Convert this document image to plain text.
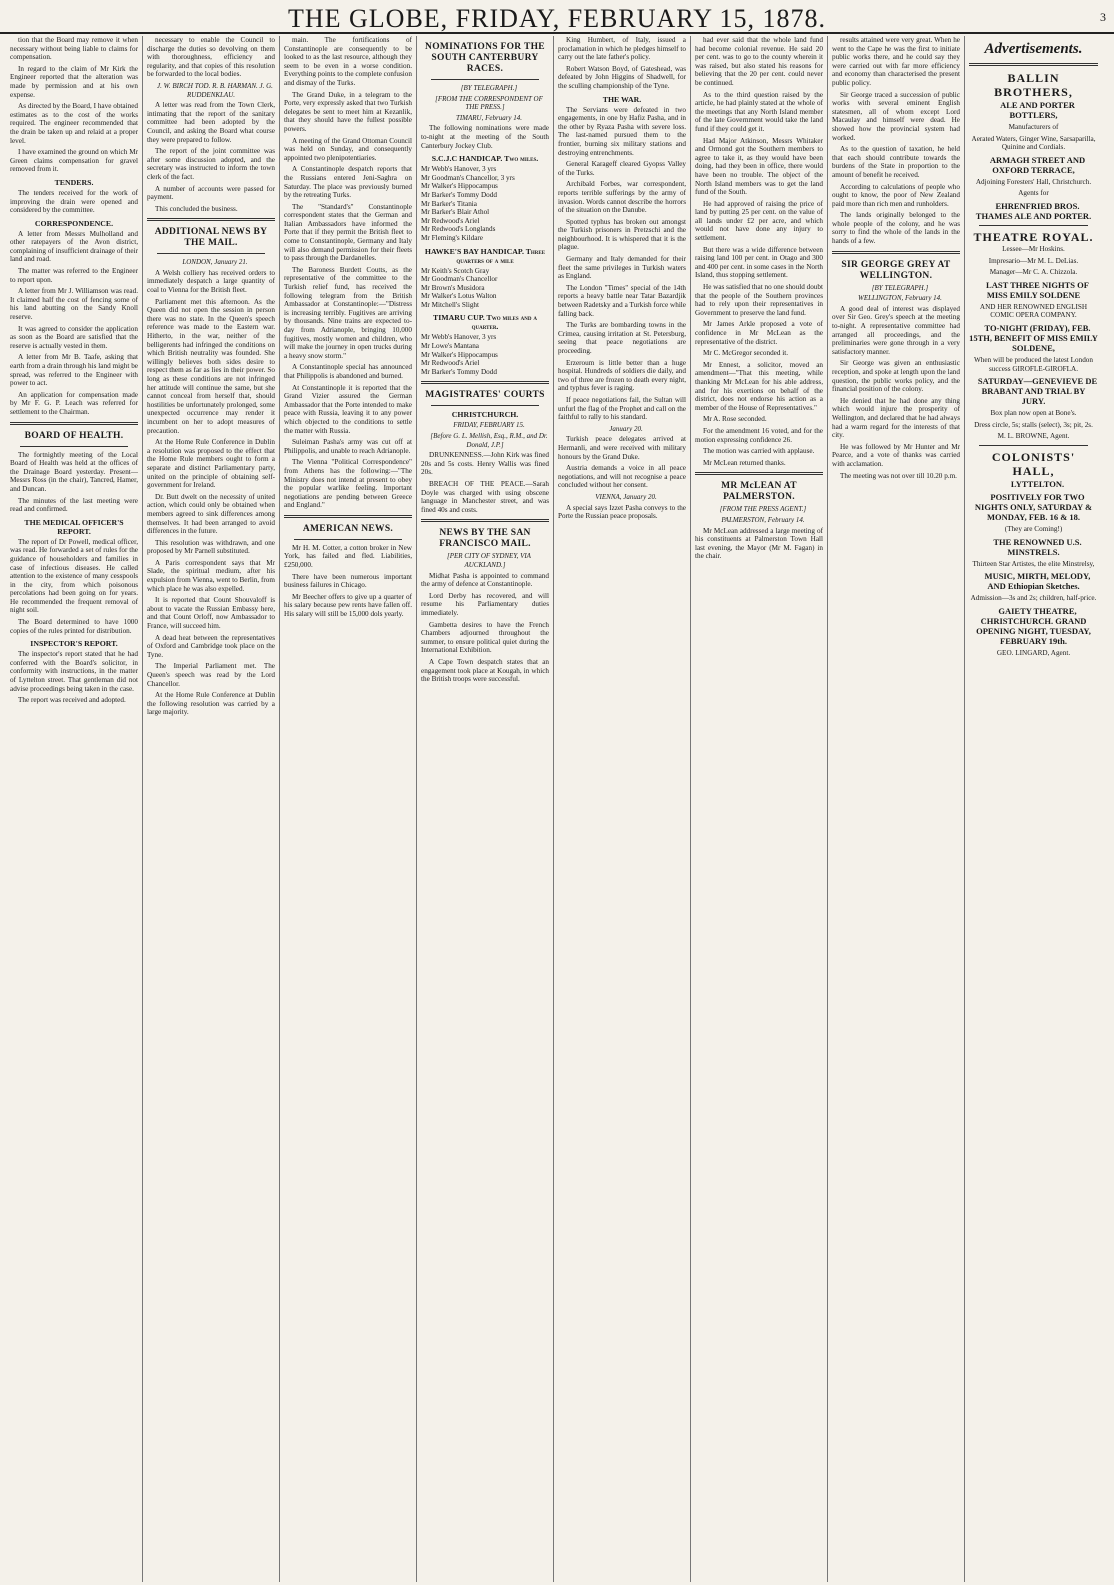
THE GLOBE, FRIDAY, FEBRUARY 15, 1878.	3

tion that the Board may remove it when necessary without being liable to claims for compensation.

In regard to the claim of Mr Kirk the Engineer reported that the alteration was made by permission and at his own expense.

As directed by the Board, I have obtained estimates as to the cost of the works required. The engineer recommended that the drain be taken up and relaid at a proper level.

I have examined the ground on which Mr Green claims compensation for gravel removed from it.

TENDERS.

The tenders received for the work of improving the drain were opened and considered by the committee.

CORRESPONDENCE.

A letter from Messrs Mulholland and other ratepayers of the Avon district, complaining of insufficient drainage of their land and road.

The matter was referred to the Engineer to report upon.

A letter from Mr J. Williamson was read. It claimed half the cost of fencing some of his land abutting on the Sandy Knoll reserve.

It was agreed to consider the application as soon as the Board are satisfied that the reserve is actually vested in them.

A letter from Mr B. Taafe, asking that earth from a drain through his land might be spread, was referred to the Engineer with power to act.

An application for compensation made by Mr F. G. P. Leach was referred for settlement to the Chairman.

BOARD OF HEALTH.

The fortnightly meeting of the Local Board of Health was held at the offices of the Drainage Board yesterday. Present—Messrs Ross (in the chair), Tancred, Hamer, and Duncan.

The minutes of the last meeting were read and confirmed.

THE MEDICAL OFFICER'S REPORT.

The report of Dr Powell, medical officer, was read. He forwarded a set of rules for the guidance of householders and families in case of infectious diseases. He called attention to the existence of many cesspools in the city, from which poisonous percolations had been going on for years. He recommended the frequent removal of night soil.

The Board determined to have 1000 copies of the rules printed for distribution.

INSPECTOR'S REPORT.

The inspector's report stated that he had conferred with the Board's solicitor, in conformity with instructions, in the matter of Lyttelton street. That gentleman did not advise proceedings being taken in the case.

The report was received and adopted.

necessary to enable the Council to discharge the duties so devolving on them with thoroughness, efficiency and regularity, and that copies of this resolution be forwarded to the local bodies.

J. W. BIRCH TOD. R. B. HARMAN. J. G. RUDDENKLAU.

A letter was read from the Town Clerk, intimating that the report of the sanitary committee had been adopted by the Council, and asking the Board what course they were prepared to follow.

The report of the joint committee was after some discussion adopted, and the secretary was instructed to inform the town clerk of the fact.

A number of accounts were passed for payment.

This concluded the business.

ADDITIONAL NEWS BY THE MAIL.

LONDON, January 21.

A Welsh colliery has received orders to immediately despatch a large quantity of coal to Vienna for the British fleet.

Parliament met this afternoon. As the Queen did not open the session in person there was no state. In the Queen's speech reference was made to the Eastern war. Hitherto, in the war, neither of the belligerents had infringed the conditions on which British neutrality was founded. She willingly believes both sides desire to respect them as far as lies in their power. So long as these conditions are not infringed her attitude will continue the same, but she cannot conceal from herself that, should hostilities be unfortunately prolonged, some unexpected occurrence may render it incumbent on her to adopt measures of precaution.

At the Home Rule Conference in Dublin a resolution was proposed to the effect that the Home Rule members ought to form a separate and distinct Parliamentary party, united on the principle of obtaining self-government for Ireland.

Dr. Butt dwelt on the necessity of united action, which could only be obtained when members agreed to sink differences among themselves. It had been arranged to avoid differences in the future.

This resolution was withdrawn, and one proposed by Mr Parnell substituted.

A Paris correspondent says that Mr Slade, the spiritual medium, after his expulsion from Vienna, went to Berlin, from which place he was also expelled.

It is reported that Count Shouvaloff is about to vacate the Russian Embassy here, and that Count Orloff, now Ambassador to France, will succeed him.

A dead heat between the representatives of Oxford and Cambridge took place on the Tyne.

The Imperial Parliament met. The Queen's speech was read by the Lord Chancellor.

At the Home Rule Conference at Dublin the following resolution was carried by a large majority.

main. The fortifications of Constantinople are consequently to be looked to as the last resource, although they seem to be even in a worse condition. Everything points to the complete confusion and dismay of the Turks.

The Grand Duke, in a telegram to the Porte, very expressly asked that two Turkish delegates be sent to meet him at Kezanlik, that they should have the fullest possible powers.

A meeting of the Grand Ottoman Council was held on Sunday, and consequently appointed two plenipotentiaries.

A Constantinople despatch reports that the Russians entered Jeni-Saghra on Saturday. The place was previously burned by the retreating Turks.

The "Standard's" Constantinople correspondent states that the German and Italian Ambassadors have informed the Porte that if they permit the British fleet to come to Constantinople, Germany and Italy will also demand permission for their fleets to pass through the Dardanelles.

The Baroness Burdett Coutts, as the representative of the committee to the Turkish relief fund, has received the following telegram from the British Ambassador at Constantinople:—"Distress is increasing terribly. Fugitives are arriving by thousands. Nine trains are expected to-day from Adrianople, bringing 10,000 fugitives, mostly women and children, who will make the journey in open trucks during a heavy snow storm."

A Constantinople special has announced that Philippolis is abandoned and burned.

At Constantinople it is reported that the Grand Vizier assured the German Ambassador that the Porte intended to make peace with Russia, leaving it to any power which objected to the conditions to settle the matter with Russia.

Suleiman Pasha's army was cut off at Philippolis, and unable to reach Adrianople.

The Vienna "Political Correspondence" from Athens has the following:—"The Ministry does not intend at present to obey the popular warlike feeling. Important negotiations are pending between Greece and England."

AMERICAN NEWS.

Mr H. M. Cotter, a cotton broker in New York, has failed and fled. Liabilities, £250,000.

There have been numerous important business failures in Chicago.

Mr Beecher offers to give up a quarter of his salary because pew rents have fallen off. His salary will still be 15,000 dols yearly.

NOMINATIONS FOR THE SOUTH CANTERBURY RACES.

[BY TELEGRAPH.]

[FROM THE CORRESPONDENT OF THE PRESS.]

TIMARU, February 14.

The following nominations were made to-night at the meeting of the South Canterbury Jockey Club.

S.C.J.C HANDICAP. Two miles.

Mr Webb's Hanover, 3 yrs

Mr Goodman's Chancellor, 3 yrs

Mr Walker's Hippocampus

Mr Barker's Tommy Dodd

Mr Barker's Titania

Mr Barker's Blair Athol

Mr Redwood's Ariel

Mr Redwood's Longlands

Mr Fleming's Kildare

HAWKE'S BAY HANDICAP. Three quarters of a mile

Mr Keith's Scotch Gray

Mr Goodman's Chancellor

Mr Brown's Musidora

Mr Walker's Lotus Walton

Mr Mitchell's Slight

TIMARU CUP. Two miles and a quarter.

Mr Webb's Hanover, 3 yrs

Mr Lowe's Mantana

Mr Walker's Hippocampus

Mr Redwood's Ariel

Mr Barker's Tommy Dodd

MAGISTRATES' COURTS
CHRISTCHURCH.

FRIDAY, FEBRUARY 15.

[Before G. L. Mellish, Esq., R.M., and Dr. Donald, J.P.]

DRUNKENNESS.—John Kirk was fined 20s and 5s costs. Henry Wallis was fined 20s.

BREACH OF THE PEACE.—Sarah Doyle was charged with using obscene language in Manchester street, and was fined 40s and costs.

NEWS BY THE SAN FRANCISCO MAIL.

[PER CITY OF SYDNEY, VIA AUCKLAND.]

Midhat Pasha is appointed to command the army of defence at Constantinople.

Lord Derby has recovered, and will resume his Parliamentary duties immediately.

Gambetta desires to have the French Chambers adjourned throughout the summer, to ensure political quiet during the International Exhibition.

A Cape Town despatch states that an engagement took place at Kougah, in which the British troops were successful.

King Humbert, of Italy, issued a proclamation in which he pledges himself to carry out the late father's policy.

Robert Watson Boyd, of Gateshead, was defeated by John Higgins of Shadwell, for the sculling championship of the Tyne.

THE WAR.

The Servians were defeated in two engagements, in one by Hafiz Pasha, and in the other by Ryaza Pasha with severe loss. The last-named pursued them to the frontier, burning six military stations and destroying entrenchments.

General Karageff cleared Gyopss Valley of the Turks.

Archibald Forbes, war correspondent, reports terrible sufferings by the army of invasion. Words cannot describe the horrors of the situation on the Danube.

Spotted typhus has broken out amongst the Turkish prisoners in Pretzschi and the neighbourhood. It is whispered that it is the plague.

Germany and Italy demanded for their fleet the same privileges in Turkish waters as England.

The London "Times" special of the 14th reports a heavy battle near Tatar Bazardjik between Radetsky and a Turkish force while falling back.

The Turks are bombarding towns in the Crimea, causing irritation at St. Petersburg, seeing that peace negotiations are proceeding.

Erzeroum is little better than a huge hospital. Hundreds of soldiers die daily, and two of three are frozen to death every night, and typhus fever is raging.

If peace negotiations fail, the Sultan will unfurl the flag of the Prophet and call on the faithful to rally to his standard.

January 20.

Turkish peace delegates arrived at Hermanli, and were received with military honours by the Grand Duke.

Austria demands a voice in all peace negotiations, and will not recognise a peace concluded without her consent.

VIENNA, January 20.

A special says Izzet Pasha conveys to the Porte the Russian peace proposals.

had ever said that the whole land fund had become colonial revenue. He said 20 per cent. was to go to the county wherein it was raised, but also stated his reasons for believing that the 20 per cent. could never be continued.

As to the third question raised by the article, he had plainly stated at the whole of the meetings that any North Island member of the late Government would take the land fund if they could get it.

Had Major Atkinson, Messrs Whitaker and Ormond got the Southern members to agree to take it, as they would have been doing, had they been in office, there would have been no trouble. The object of the North Island members was to get the land fund of the South.

He had approved of raising the price of land by putting 25 per cent. on the value of all lands under £2 per acre, and which would not have done any injury to settlement.

But there was a wide difference between raising land 100 per cent. in Otago and 300 and 400 per cent. in some cases in the North Island, thus stopping settlement.

He was satisfied that no one should doubt that the people of the Southern provinces had to rely upon their representatives in Government to preserve the land fund.

Mr James Arkle proposed a vote of confidence in Mr McLean as the representative of the district.

Mr C. McGregor seconded it.

Mr Ennest, a solicitor, moved an amendment—"That this meeting, while thanking Mr McLean for his able address, and for his exertions on behalf of the district, does not endorse his action as a member of the House of Representatives."

Mr A. Rose seconded.

For the amendment 16 voted, and for the motion expressing confidence 26.

The motion was carried with applause.

Mr McLean returned thanks.

MR McLEAN AT PALMERSTON.

[FROM THE PRESS AGENT.]

PALMERSTON, February 14.

Mr McLean addressed a large meeting of his constituents at Palmerston Town Hall last evening, the Mayor (Mr M. Fagan) in the chair.

results attained were very great. When he went to the Cape he was the first to initiate public works there, and he could say they were carried out with far more efficiency and economy than characterised the present public policy.

Sir George traced a succession of public works with several eminent English statesmen, all of whom except Lord Macaulay and himself were dead. He showed how the provincial system had worked.

As to the question of taxation, he held that each should contribute towards the burdens of the State in proportion to the amount of benefit he received.

According to calculations of people who ought to know, the poor of New Zealand paid more than rich men and runholders.

The lands originally belonged to the whole people of the colony, and he was sorry to find the whole of the lands in the hands of a few.

SIR GEORGE GREY AT WELLINGTON.

[BY TELEGRAPH.]

WELLINGTON, February 14.

A good deal of interest was displayed over Sir Geo. Grey's speech at the meeting to-night. A representative committee had arranged all proceedings, and the preliminaries were gone through in a very satisfactory manner.

Sir George was given an enthusiastic reception, and spoke at length upon the land question, the public works policy, and the financial position of the colony.

He denied that he had done any thing which would injure the prosperity of Wellington, and declared that he had always had a warm regard for the interests of that city.

He was followed by Mr Hunter and Mr Pearce, and a vote of thanks was carried with acclamation.

The meeting was not over till 10.20 p.m.

Advertisements.
BALLIN BROTHERS,

ALE AND PORTER BOTTLERS,

Manufacturers of

Aerated Waters, Ginger Wine, Sarsaparilla, Quinine and Cordials.

ARMAGH STREET AND OXFORD TERRACE,

Adjoining Foresters' Hall, Christchurch.

Agents for

EHRENFRIED BROS. THAMES ALE AND PORTER.

THEATRE ROYAL.

Lessee—Mr Hoskins.

Impresario—Mr M. L. DeLias.

Manager—Mr C. A. Chizzola.

LAST THREE NIGHTS OF MISS EMILY SOLDENE

AND HER RENOWNED ENGLISH COMIC OPERA COMPANY.

TO-NIGHT (FRIDAY), FEB. 15TH, BENEFIT OF MISS EMILY SOLDENE,

When will be produced the latest London success GIROFLE-GIROFLA.

SATURDAY—GENEVIEVE DE BRABANT AND TRIAL BY JURY.

Box plan now open at Bone's.

Dress circle, 5s; stalls (select), 3s; pit, 2s.

M. L. BROWNE, Agent.

COLONISTS' HALL,

LYTTELTON.

POSITIVELY FOR TWO NIGHTS ONLY, SATURDAY & MONDAY, FEB. 16 & 18.

(They are Coming!)

THE RENOWNED U.S. MINSTRELS.

Thirteen Star Artistes, the elite Minstrelsy,

MUSIC, MIRTH, MELODY, AND Ethiopian Sketches.

Admission—3s and 2s; children, half-price.

GAIETY THEATRE, CHRISTCHURCH. GRAND OPENING NIGHT, TUESDAY, FEBRUARY 19th.

GEO. LINGARD, Agent.
